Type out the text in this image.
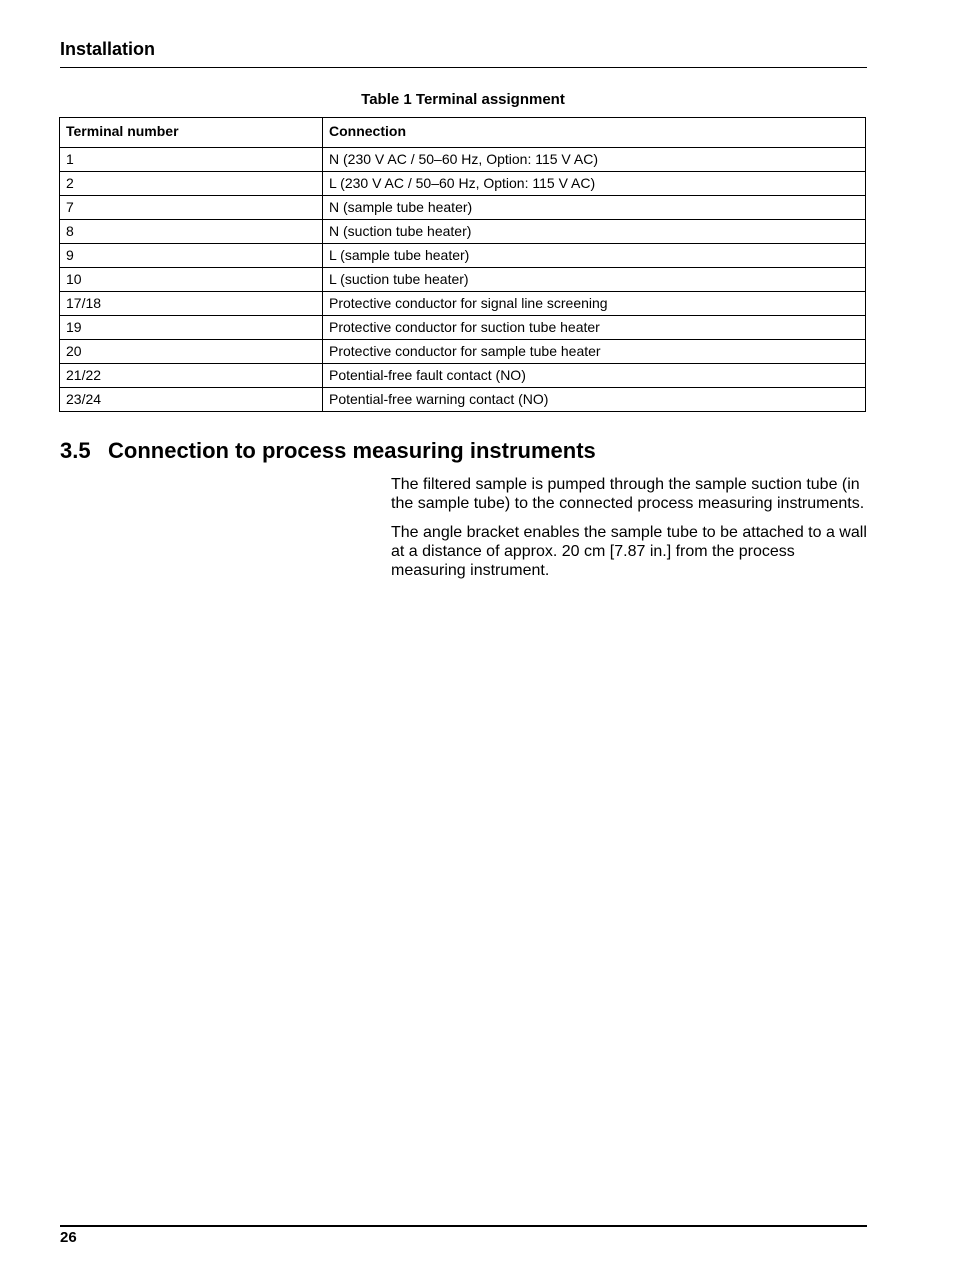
Installation

Table 1 Terminal assignment

Terminal number	Connection
1	N (230 V AC / 50–60 Hz, Option: 115 V AC)
2	L (230 V AC / 50–60 Hz, Option: 115 V AC)
7	N (sample tube heater)
8	N (suction tube heater)
9	L (sample tube heater)
10	L (suction tube heater)
17/18	Protective conductor for signal line screening
19	Protective conductor for suction tube heater
20	Protective conductor for sample tube heater
21/22	Potential-free fault contact (NO)
23/24	Potential-free warning contact (NO)
3.5 Connection to process measuring instruments

The filtered sample is pumped through the sample suction tube (in the sample tube) to the connected process measuring instruments.

The angle bracket enables the sample tube to be attached to a wall at a distance of approx. 20 cm [7.87 in.] from the process measuring instrument.

26
